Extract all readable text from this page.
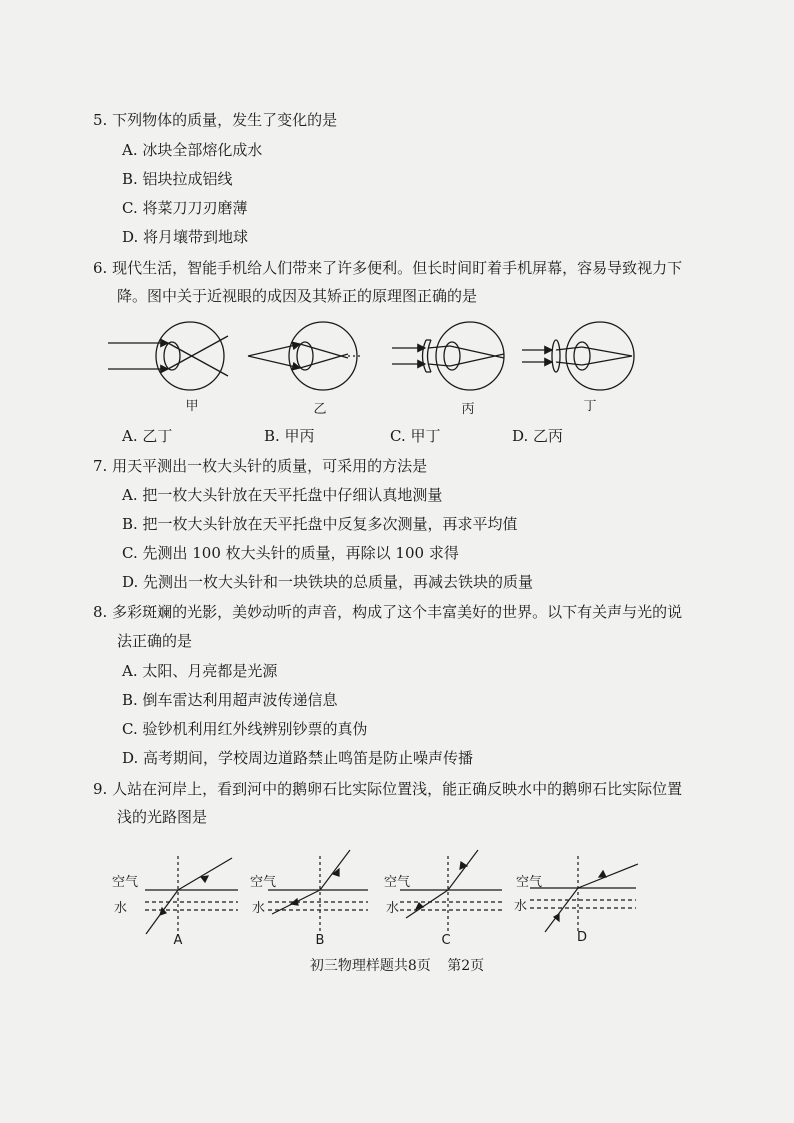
5. 下列物体的质量，发生了变化的是
A. 冰块全部熔化成水
B. 铝块拉成铝线
C. 将菜刀刀刃磨薄
D. 将月壤带到地球
6. 现代生活，智能手机给人们带来了许多便利。但长时间盯着手机屏幕，容易导致视力下
降。图中关于近视眼的成因及其矫正的原理图正确的是
甲	乙	丙	丁
A. 乙丁	B. 甲丙	C. 甲丁	D. 乙丙
7. 用天平测出一枚大头针的质量，可采用的方法是
A. 把一枚大头针放在天平托盘中仔细认真地测量
B. 把一枚大头针放在天平托盘中反复多次测量，再求平均值
C. 先测出 100 枚大头针的质量，再除以 100 求得
D. 先测出一枚大头针和一块铁块的总质量，再减去铁块的质量
8. 多彩斑斓的光影，美妙动听的声音，构成了这个丰富美好的世界。以下有关声与光的说
法正确的是
A. 太阳、月亮都是光源
B. 倒车雷达利用超声波传递信息
C. 验钞机利用红外线辨别钞票的真伪
D. 高考期间，学校周边道路禁止鸣笛是防止噪声传播
9. 人站在河岸上，看到河中的鹅卵石比实际位置浅，能正确反映水中的鹅卵石比实际位置
浅的光路图是
空气
水
A
空气
水
B
空气
水
C
空气
水
D
初三物理样题共8页 第2页
